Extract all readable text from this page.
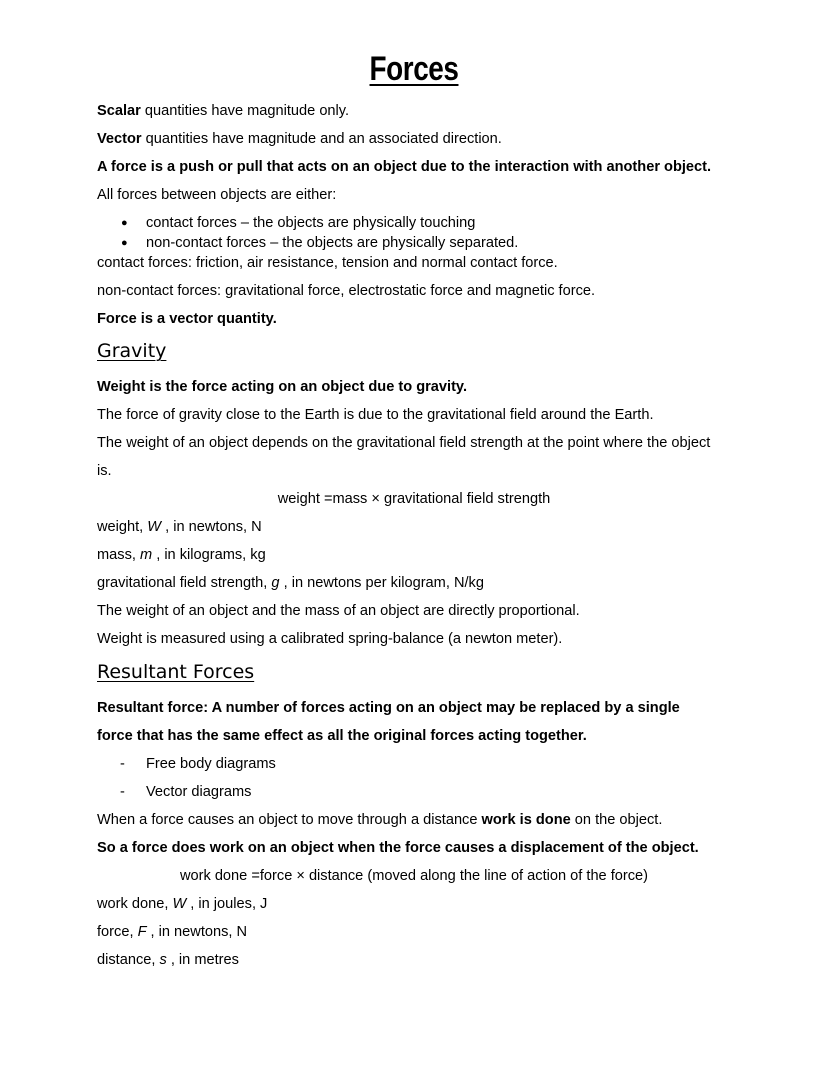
Forces
Scalar quantities have magnitude only.
Vector quantities have magnitude and an associated direction.
A force is a push or pull that acts on an object due to the interaction with another object.
All forces between objects are either:
● contact forces – the objects are physically touching
● non-contact forces – the objects are physically separated.
contact forces: friction, air resistance, tension and normal contact force.
non-contact forces: gravitational force, electrostatic force and magnetic force.
Force is a vector quantity.
Gravity
Weight is the force acting on an object due to gravity.
The force of gravity close to the Earth is due to the gravitational field around the Earth.
The weight of an object depends on the gravitational field strength at the point where the object
is.
weight =mass × gravitational field strength
weight, W , in newtons, N
mass, m , in kilograms, kg
gravitational field strength, g , in newtons per kilogram, N/kg
The weight of an object and the mass of an object are directly proportional.
Weight is measured using a calibrated spring-balance (a newton meter).
Resultant Forces
Resultant force: A number of forces acting on an object may be replaced by a single
force that has the same effect as all the original forces acting together.
- Free body diagrams
- Vector diagrams
When a force causes an object to move through a distance work is done on the object.
So a force does work on an object when the force causes a displacement of the object.
work done =force × distance (moved along the line of action of the force)
work done, W , in joules, J
force, F , in newtons, N
distance, s , in metres
